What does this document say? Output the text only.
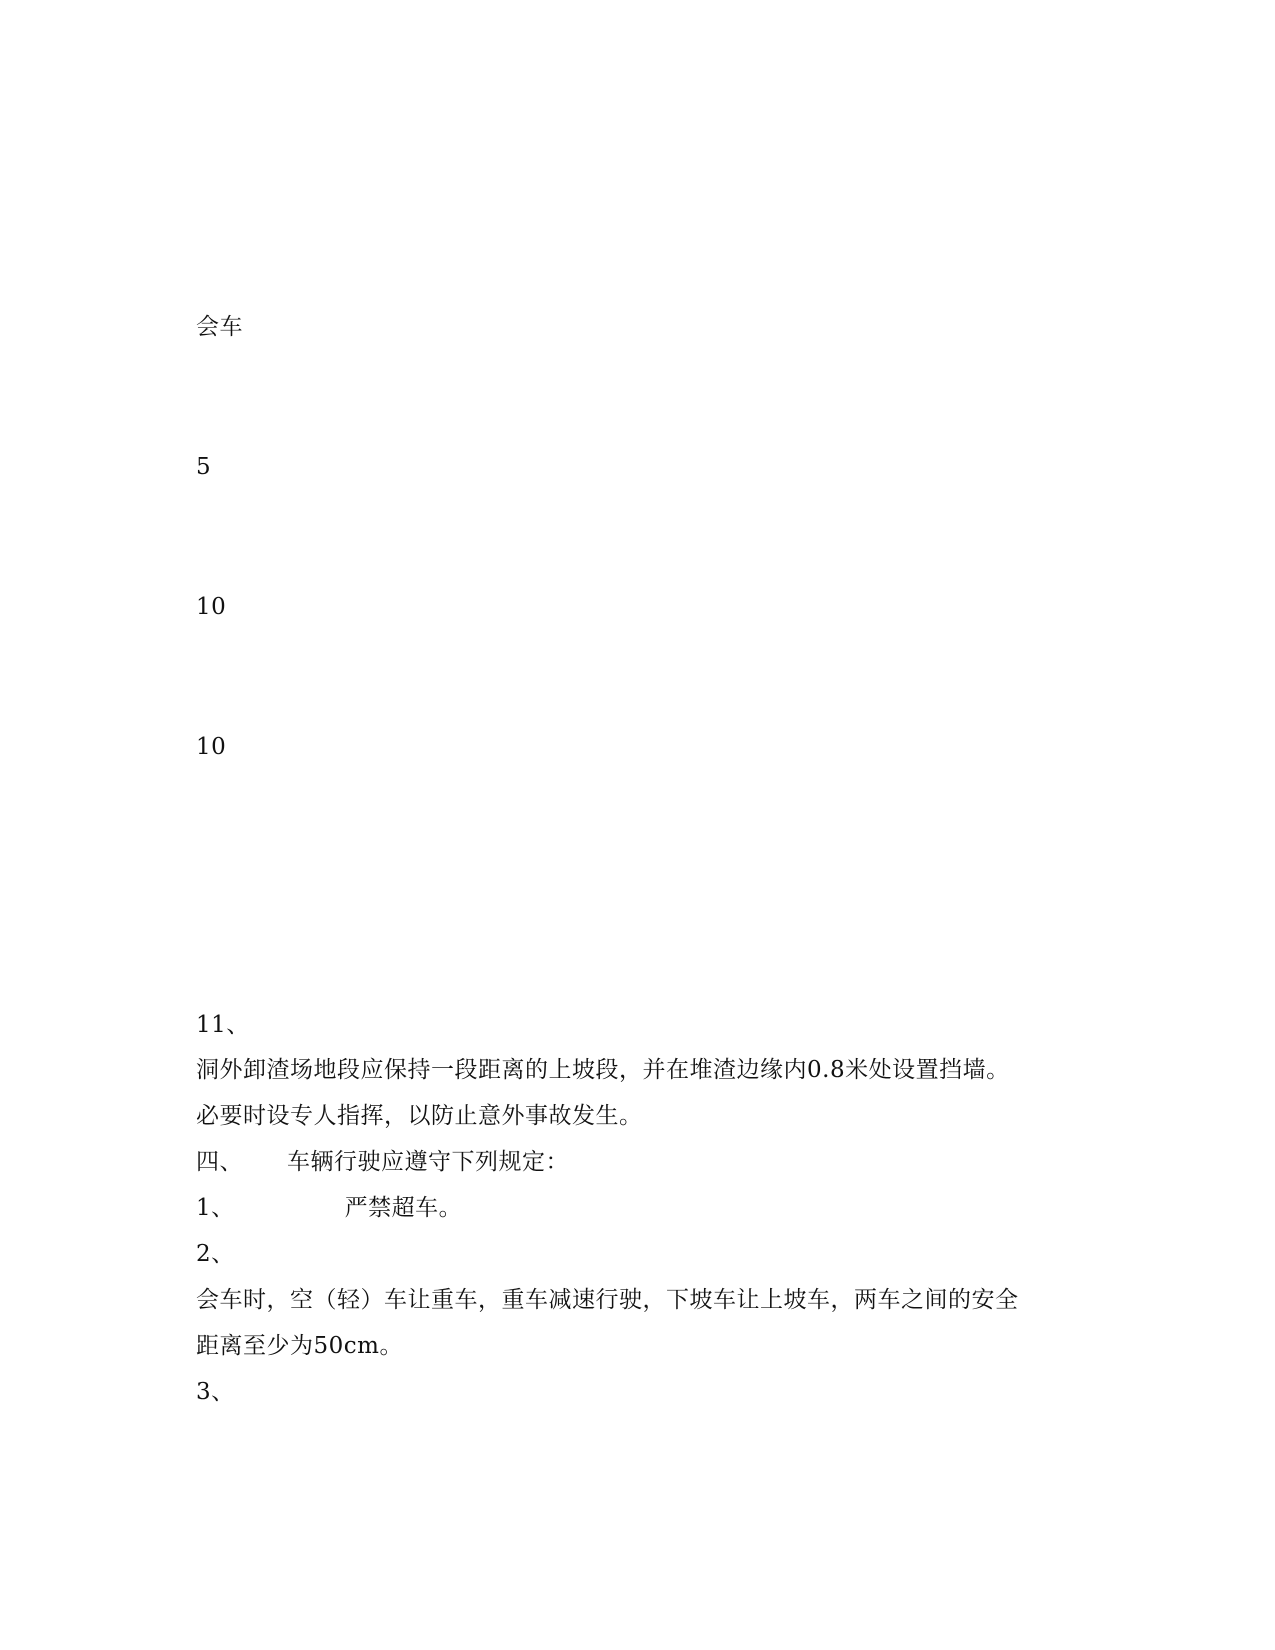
会车
5
10
10
11、
洞外卸渣场地段应保持一段距离的上坡段，并在堆渣边缘内0.8米处设置挡墙。
必要时设专人指挥，以防止意外事故发生。
四、 车辆行驶应遵守下列规定：
1、	严禁超车。
2、
会车时，空（轻）车让重车，重车减速行驶，下坡车让上坡车，两车之间的安全
距离至少为50cm。
3、
